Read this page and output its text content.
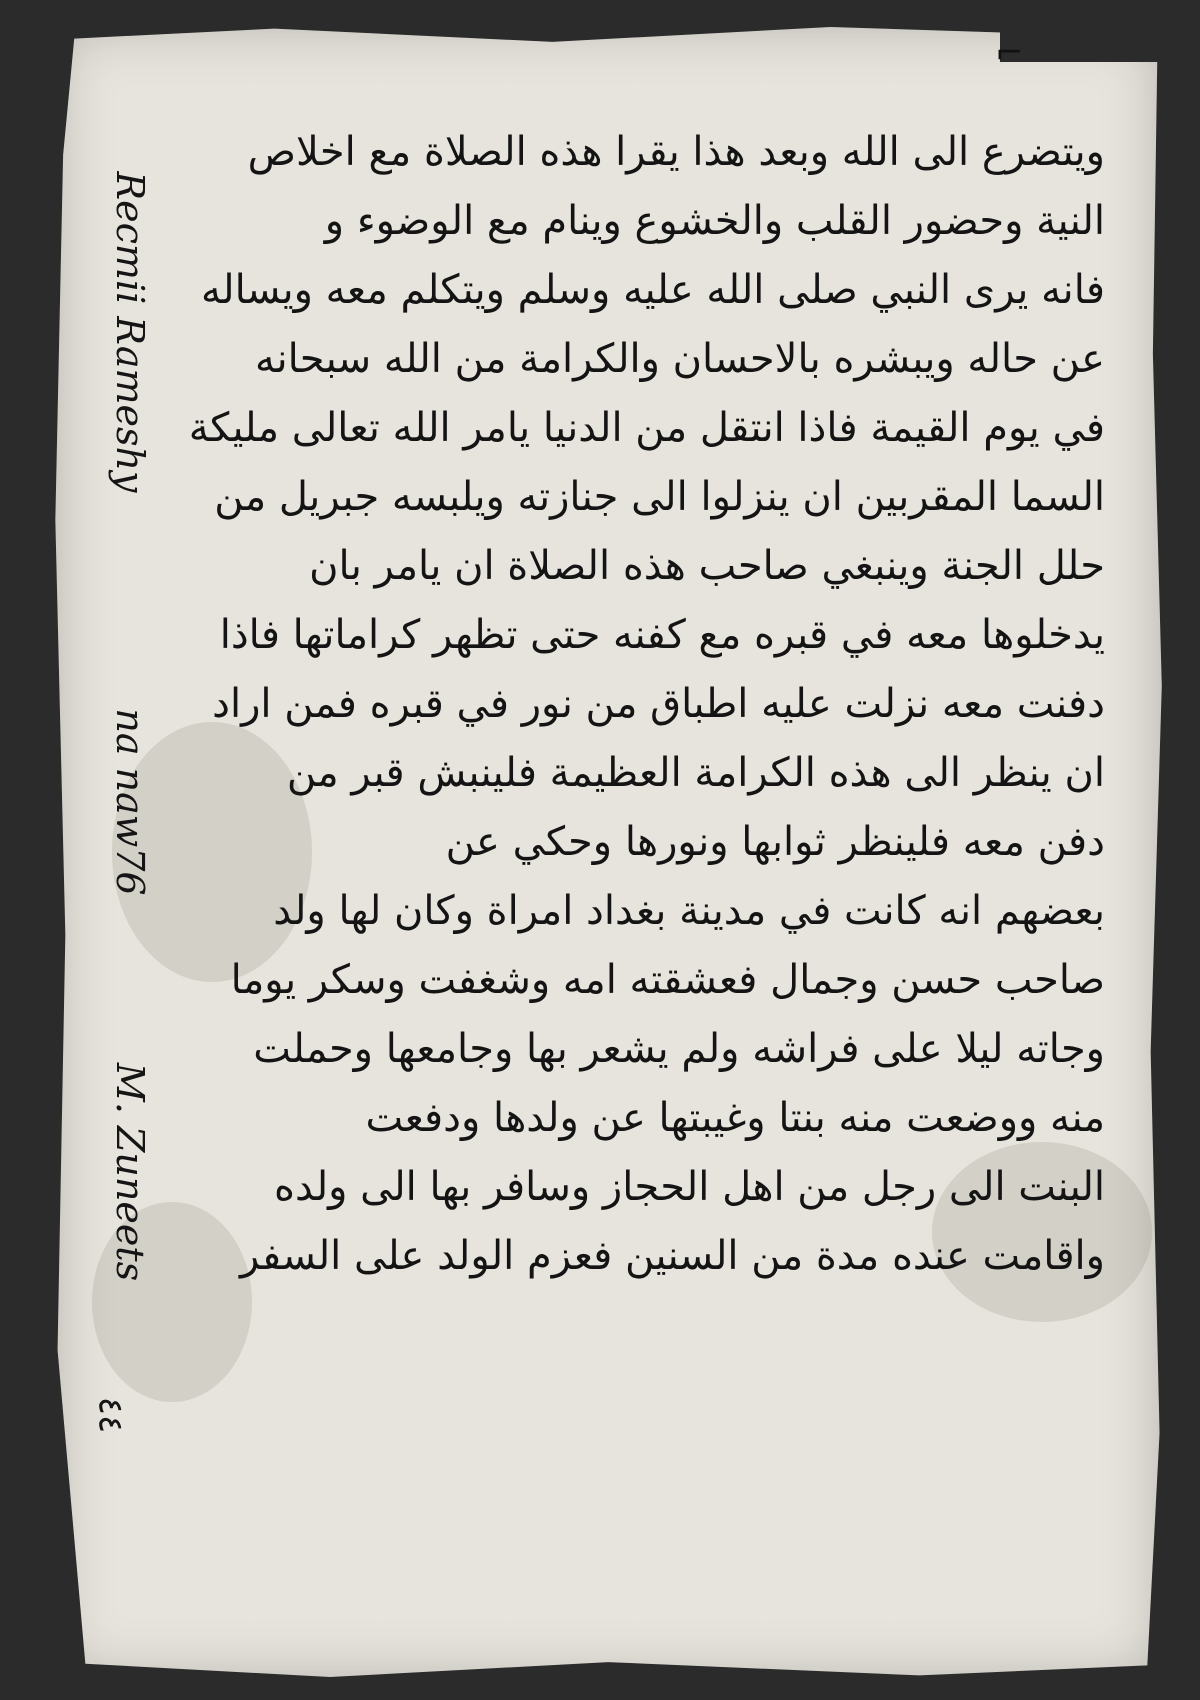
⌐
ويتضرع الى الله وبعد هذا يقرا هذه الصلاة مع اخلاص
النية وحضور القلب والخشوع وينام مع الوضوء و
فانه يرى النبي صلى الله عليه وسلم ويتكلم معه ويساله
عن حاله ويبشره بالاحسان والكرامة من الله سبحانه
في يوم القيمة فاذا انتقل من الدنيا يامر الله تعالى مليكة
السما المقربين ان ينزلوا الى جنازته ويلبسه جبريل من
حلل الجنة وينبغي صاحب هذه الصلاة ان يامر بان
يدخلوها معه في قبره مع كفنه حتى تظهر كراماتها فاذا
دفنت معه نزلت عليه اطباق من نور في قبره فمن اراد
ان ينظر الى هذه الكرامة العظيمة فلينبش قبر من
دفن معه فلينظر ثوابها ونورها وحكي عن
بعضهم انه كانت في مدينة بغداد امراة وكان لها ولد
صاحب حسن وجمال فعشقته امه وشغفت وسكر يوما
وجاته ليلا على فراشه ولم يشعر بها وجامعها وحملت
منه ووضعت منه بنتا وغيبتها عن ولدها ودفعت
البنت الى رجل من اهل الحجاز وسافر بها الى ولده
واقامت عنده مدة من السنين فعزم الولد على السفر
Recmii Rameshy
na naw76
M. Zuneets
٤٤
